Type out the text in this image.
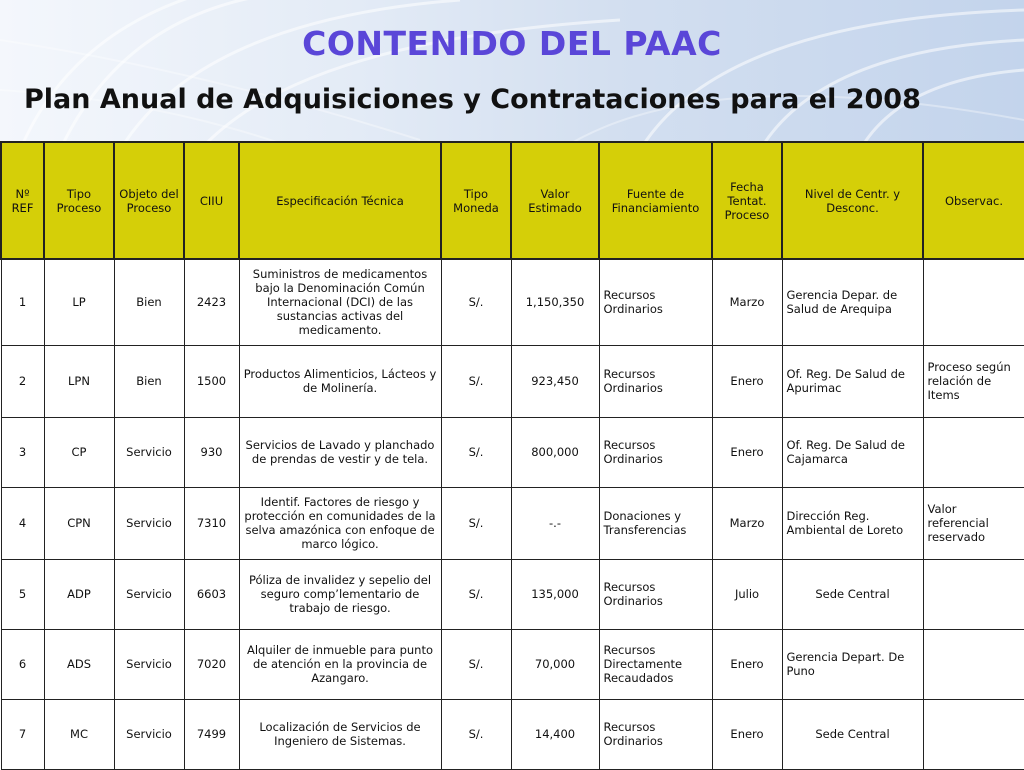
CONTENIDO DEL PAAC
Plan Anual de Adquisiciones y Contrataciones para el 2008
Nº REF	Tipo Proceso	Objeto del Proceso	CIIU	Especificación Técnica	Tipo Moneda	Valor Estimado	Fuente de Financiamiento	Fecha Tentat. Proceso	Nivel de Centr. y Desconc.	Observac.
1	LP	Bien	2423	Suministros de medicamentos bajo la Denominación Común Internacional (DCI) de las sustancias activas del medicamento.	S/.	1,150,350	Recursos Ordinarios	Marzo	Gerencia Depar. de Salud de Arequipa	
2	LPN	Bien	1500	Productos Alimenticios, Lácteos y de Molinería.	S/.	923,450	Recursos Ordinarios	Enero	Of. Reg. De Salud de Apurimac	Proceso según relación de Items
3	CP	Servicio	930	Servicios de Lavado y planchado de prendas de vestir y de tela.	S/.	800,000	Recursos Ordinarios	Enero	Of. Reg. De Salud de Cajamarca	
4	CPN	Servicio	7310	Identif. Factores de riesgo y protección en comunidades de la selva amazónica con enfoque de marco lógico.	S/.	-.-	Donaciones y Transferencias	Marzo	Dirección Reg. Ambiental de Loreto	Valor referencial reservado
5	ADP	Servicio	6603	Póliza de invalidez y sepelio del seguro comp’lementario de trabajo de riesgo.	S/.	135,000	Recursos Ordinarios	Julio	Sede Central	
6	ADS	Servicio	7020	Alquiler de inmueble para punto de atención en la provincia de Azangaro.	S/.	70,000	Recursos Directamente Recaudados	Enero	Gerencia Depart. De Puno	
7	MC	Servicio	7499	Localización de Servicios de Ingeniero de Sistemas.	S/.	14,400	Recursos Ordinarios	Enero	Sede Central	
